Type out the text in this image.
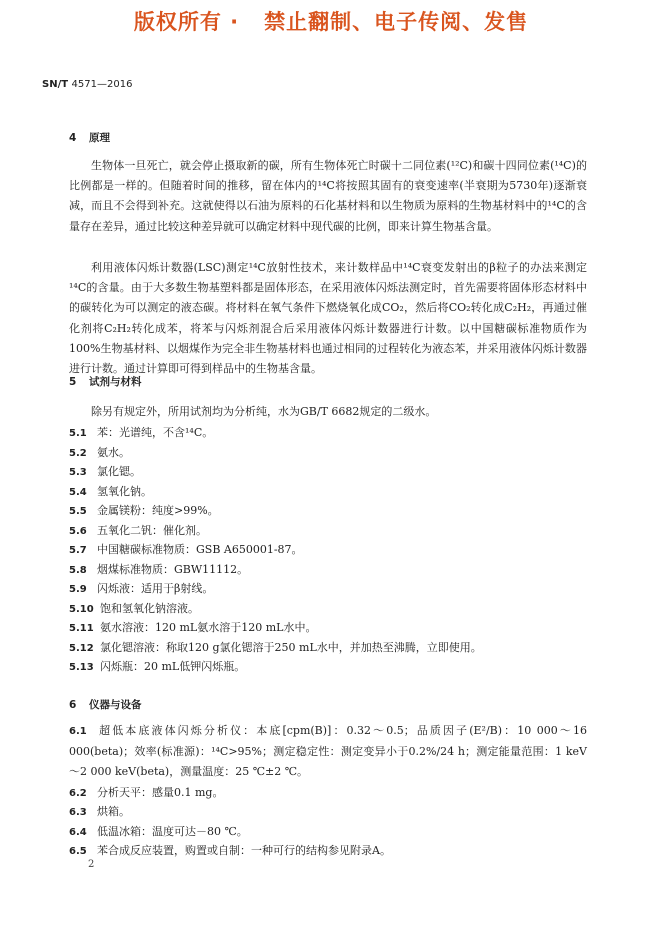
版权所有 ·   禁止翻制、电子传阅、发售
SN/T 4571—2016
4 原理
生物体一旦死亡，就会停止摄取新的碳，所有生物体死亡时碳十二同位素(¹²C)和碳十四同位素(¹⁴C)的比例都是一样的。但随着时间的推移，留在体内的¹⁴C将按照其固有的衰变速率(半衰期为5730年)逐渐衰减，而且不会得到补充。这就使得以石油为原料的石化基材料和以生物质为原料的生物基材料中的¹⁴C的含量存在差异，通过比较这种差异就可以确定材料中现代碳的比例，即来计算生物基含量。
利用液体闪烁计数器(LSC)测定¹⁴C放射性技术，来计数样品中¹⁴C衰变发射出的β粒子的办法来测定¹⁴C的含量。由于大多数生物基塑料都是固体形态，在采用液体闪烁法测定时，首先需要将固体形态材料中的碳转化为可以测定的液态碳。将材料在氧气条件下燃烧氧化成CO₂，然后将CO₂转化成C₂H₂，再通过催化剂将C₂H₂转化成苯，将苯与闪烁剂混合后采用液体闪烁计数器进行计数。以中国糖碳标准物质作为100%生物基材料、以烟煤作为完全非生物基材料也通过相同的过程转化为液态苯，并采用液体闪烁计数器进行计数。通过计算即可得到样品中的生物基含量。
5 试剂与材料
除另有规定外，所用试剂均为分析纯，水为GB/T 6682规定的二级水。
5.1 苯：光谱纯，不含¹⁴C。
5.2 氨水。
5.3 氯化锶。
5.4 氢氧化钠。
5.5 金属镁粉：纯度>99%。
5.6 五氧化二钒：催化剂。
5.7 中国糖碳标准物质：GSB A650001-87。
5.8 烟煤标准物质：GBW11112。
5.9 闪烁液：适用于β射线。
5.10 饱和氢氧化钠溶液。
5.11 氨水溶液：120 mL氨水溶于120 mL水中。
5.12 氯化锶溶液：称取120 g氯化锶溶于250 mL水中，并加热至沸腾，立即使用。
5.13 闪烁瓶：20 mL低钾闪烁瓶。
6 仪器与设备
6.1 超低本底液体闪烁分析仪：本底[cpm(B)]：0.32～0.5；品质因子(E²/B)：10 000～16 000(beta)；效率(标准源)：¹⁴C>95%；测定稳定性：测定变异小于0.2%/24 h；测定能量范围：1 keV～2 000 keV(beta)，测量温度：25 ℃±2 ℃。
6.2 分析天平：感量0.1 mg。
6.3 烘箱。
6.4 低温冰箱：温度可达－80 ℃。
6.5 苯合成反应装置，购置或自制：一种可行的结构参见附录A。
2
